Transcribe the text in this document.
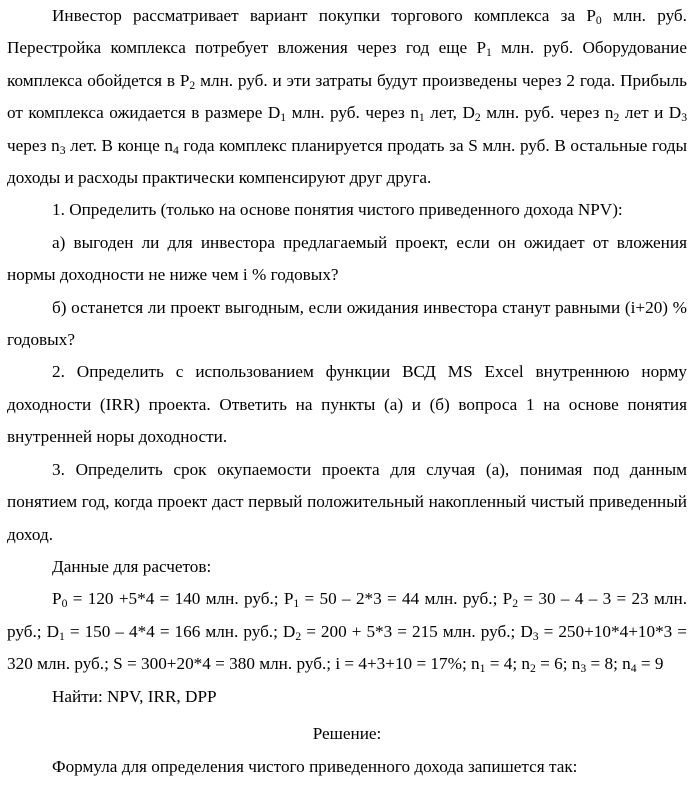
Инвестор рассматривает вариант покупки торгового комплекса за $P_0$ млн. руб. Перестройка комплекса потребует вложения через год еще $P_1$ млн. руб. Оборудование комплекса обойдется в $P_2$ млн. руб. и эти затраты будут произведены через 2 года. Прибыль от комплекса ожидается в размере $D_1$ млн. руб. через $n_1$ лет, $D_2$ млн. руб. через $n_2$ лет и $D_3$ через $n_3$ лет. В конце $n_4$ года комплекс планируется продать за S млн. руб. В остальные годы доходы и расходы практически компенсируют друг друга.

1. Определить (только на основе понятия чистого приведенного дохода NPV):

а) выгоден ли для инвестора предлагаемый проект, если он ожидает от вложения нормы доходности не ниже чем i % годовых?

б) останется ли проект выгодным, если ожидания инвестора станут равными (i+20) % годовых?

2. Определить с использованием функции ВСД MS Excel внутреннюю норму доходности (IRR) проекта. Ответить на пункты (а) и (б) вопроса 1 на основе понятия внутренней норы доходности.

3. Определить срок окупаемости проекта для случая (а), понимая под данным понятием год, когда проект даст первый положительный накопленный чистый приведенный доход.

Данные для расчетов:

$P_0 = 120 +5*4 = 140$ млн. руб.; $P_1 = 50 - 2*3 = 44$ млн. руб.; $P_2 = 30 - 4 - 3 = 23$ млн. руб.; $D_1 = 150 - 4*4 = 166$ млн. руб.; $D_2 = 200 + 5*3 = 215$ млн. руб.; $D_3 = 250+10*4+10*3 = 320$ млн. руб.; S = 300+20*4 = 380 млн. руб.; i = 4+3+10 = 17%; $n_1 = 4$; $n_2 = 6$; $n_3 = 8$; $n_4 = 9$

Найти: NPV, IRR, DPP

Решение:

Формула для определения чистого приведенного дохода запишется так:
